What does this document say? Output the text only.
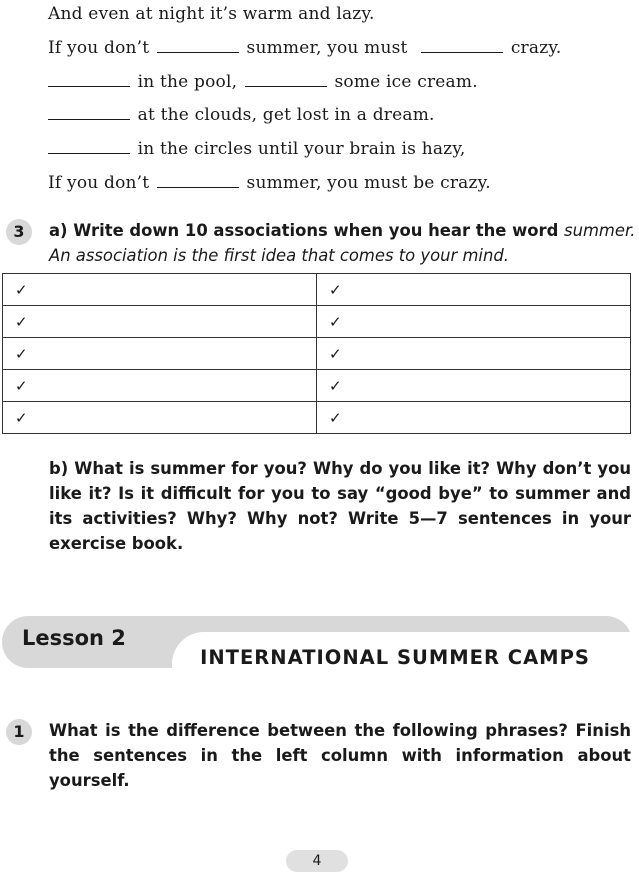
And even at night it’s warm and lazy.
If you don’t	summer, you must	crazy.
in the pool,	some ice cream.
at the clouds, get lost in a dream.
in the circles until your brain is hazy,
If you don’t	summer, you must be crazy.
3	a) Write down 10 associations when you hear the word summer.
An association is the first idea that comes to your mind.
✓	✓
✓	✓
✓	✓
✓	✓
✓	✓
b) What is summer for you? Why do you like it? Why don’t you like it? Is it difficult for you to say “good bye” to summer and its activities? Why? Why not? Write 5—7 sentences in your exercise book.
Lesson 2
INTERNATIONAL SUMMER CAMPS
1	What is the difference between the following phrases? Finish the sentences in the left column with information about yourself.
4
